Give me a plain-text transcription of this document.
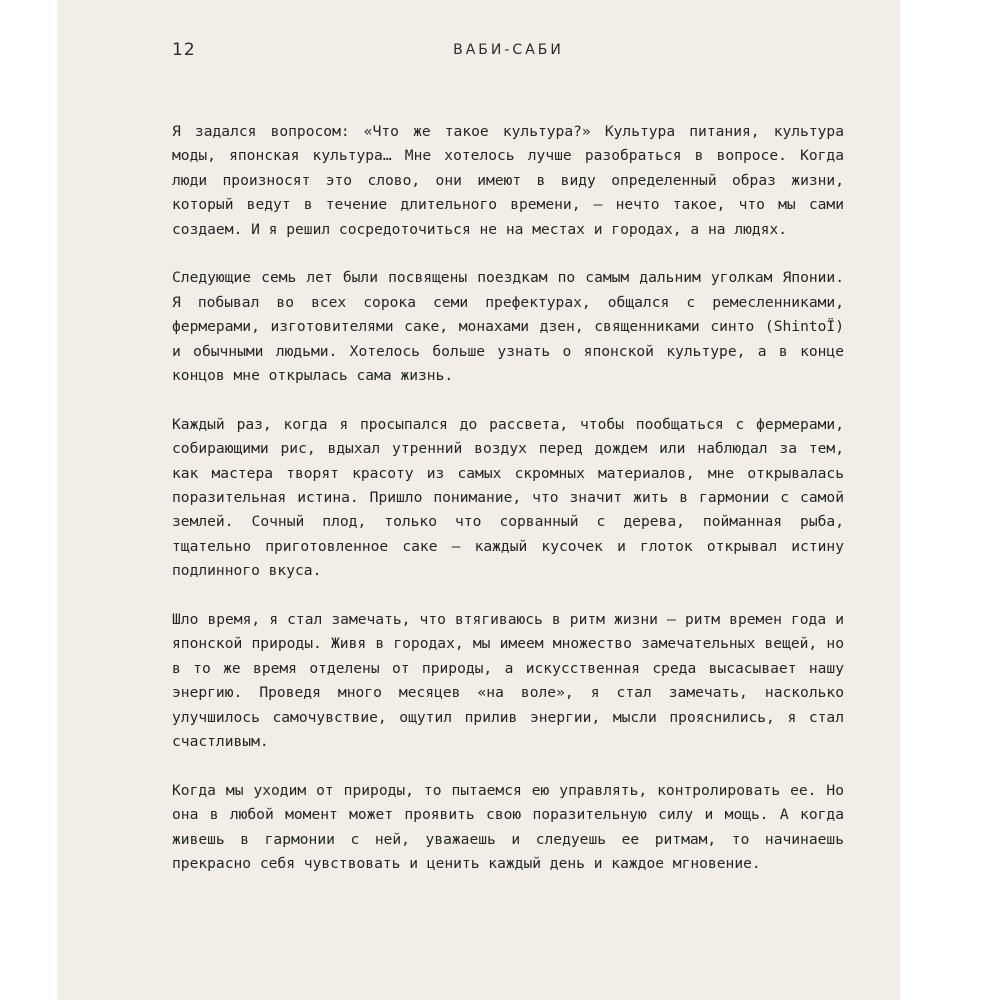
12	ВАБИ-САБИ

Я задался вопросом: «Что же такое культура?» Культура питания, культура моды, японская культура… Мне хотелось лучше разобраться в вопросе. Когда люди произносят это слово, они имеют в виду определенный образ жизни, который ведут в течение длительного времени, — нечто такое, что мы сами создаем. И я решил сосредоточиться не на местах и городах, а на людях.

Следующие семь лет были посвящены поездкам по самым дальним уголкам Японии. Я побывал во всех сорока семи префектурах, общался с ремесленниками, фермерами, изготовителями саке, монахами дзен, священниками синто (ShintoЇ) и обычными людьми. Хотелось больше узнать о японской культуре, а в конце концов мне открылась сама жизнь.

Каждый раз, когда я просыпался до рассвета, чтобы пообщаться с фермерами, собирающими рис, вдыхал утренний воздух перед дождем или наблюдал за тем, как мастера творят красоту из самых скромных материалов, мне открывалась поразительная истина. Пришло понимание, что значит жить в гармонии с самой землей. Сочный плод, только что сорванный с дерева, пойманная рыба, тщательно приготовленное саке — каждый кусочек и глоток открывал истину подлинного вкуса.

Шло время, я стал замечать, что втягиваюсь в ритм жизни — ритм времен года и японской природы. Живя в городах, мы имеем множество замечательных вещей, но в то же время отделены от природы, а искусственная среда высасывает нашу энергию. Проведя много месяцев «на воле», я стал замечать, насколько улучшилось самочувствие, ощутил прилив энергии, мысли прояснились, я стал счастливым.

Когда мы уходим от природы, то пытаемся ею управлять, контролировать ее. Но она в любой момент может проявить свою поразительную силу и мощь. А когда живешь в гармонии с ней, уважаешь и следуешь ее ритмам, то начинаешь прекрасно себя чувствовать и ценить каждый день и каждое мгновение.
